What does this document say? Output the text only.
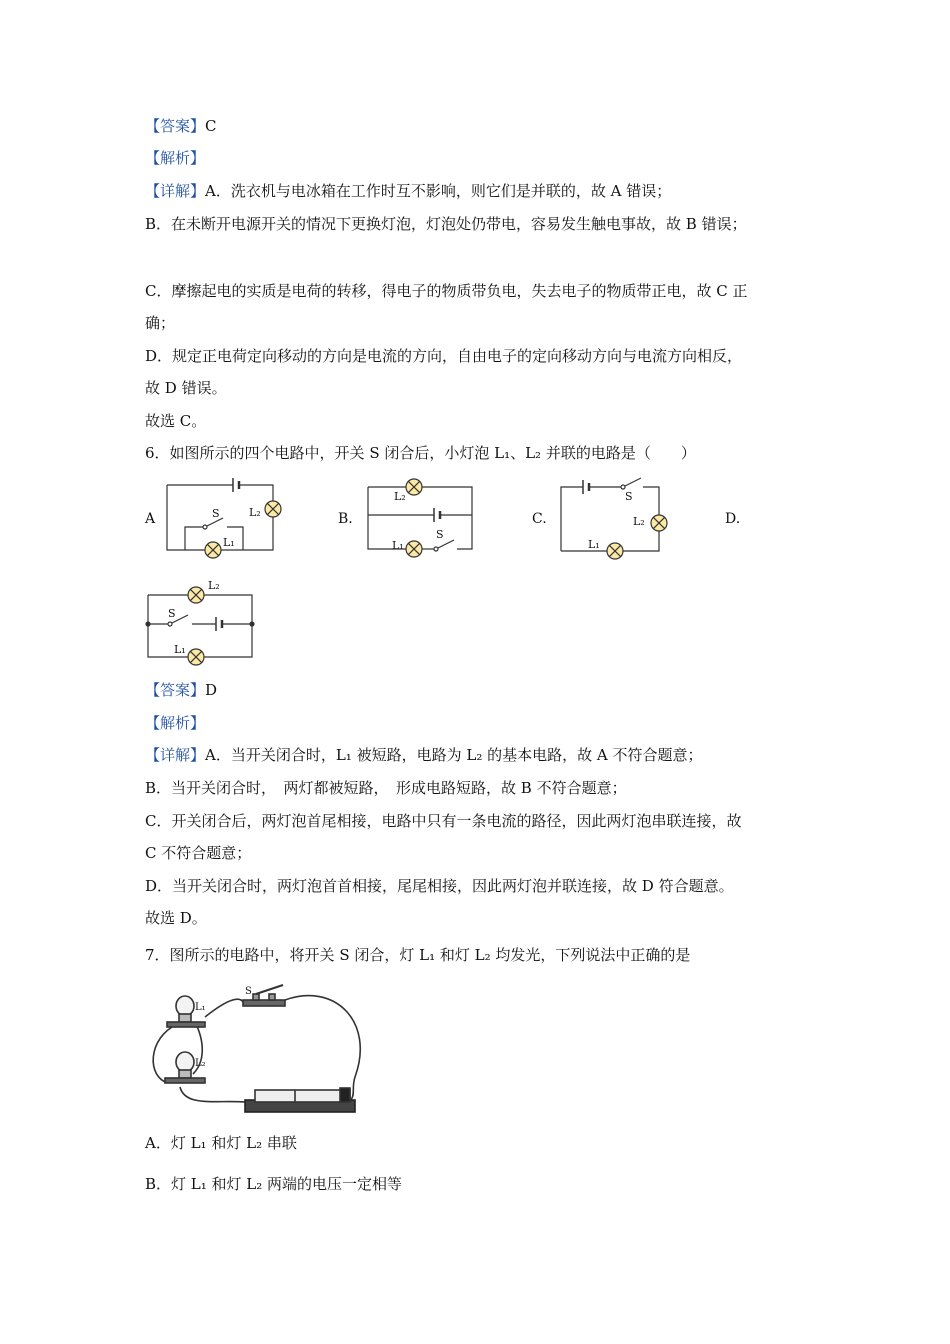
【答案】C
【解析】
【详解】A．洗衣机与电冰箱在工作时互不影响，则它们是并联的，故 A 错误；
B．在未断开电源开关的情况下更换灯泡，灯泡处仍带电，容易发生触电事故，故 B 错误；
C．摩擦起电的实质是电荷的转移，得电子的物质带负电，失去电子的物质带正电，故 C 正
确；
D．规定正电荷定向移动的方向是电流的方向，自由电子的定向移动方向与电流方向相反，
故 D 错误。
故选 C。
6．如图所示的四个电路中，开关 S 闭合后，小灯泡 L₁、L₂ 并联的电路是（　　）
A	B.	C.	D.
S	L₂
L₁
L₂
L₁
S
S
L₂
L₁
L₂
S
L₁
【答案】D
【解析】
【详解】A．当开关闭合时，L₁ 被短路，电路为 L₂ 的基本电路，故 A 不符合题意；
B．当开关闭合时，　两灯都被短路，　形成电路短路，故 B 不符合题意；
C．开关闭合后，两灯泡首尾相接，电路中只有一条电流的路径，因此两灯泡串联连接，故
C 不符合题意；
D．当开关闭合时，两灯泡首首相接，尾尾相接，因此两灯泡并联连接，故 D 符合题意。
故选 D。
7．图所示的电路中，将开关 S 闭合，灯 L₁ 和灯 L₂ 均发光，下列说法中正确的是
L₁
L₂
S
A．灯 L₁ 和灯 L₂ 串联
B．灯 L₁ 和灯 L₂ 两端的电压一定相等
